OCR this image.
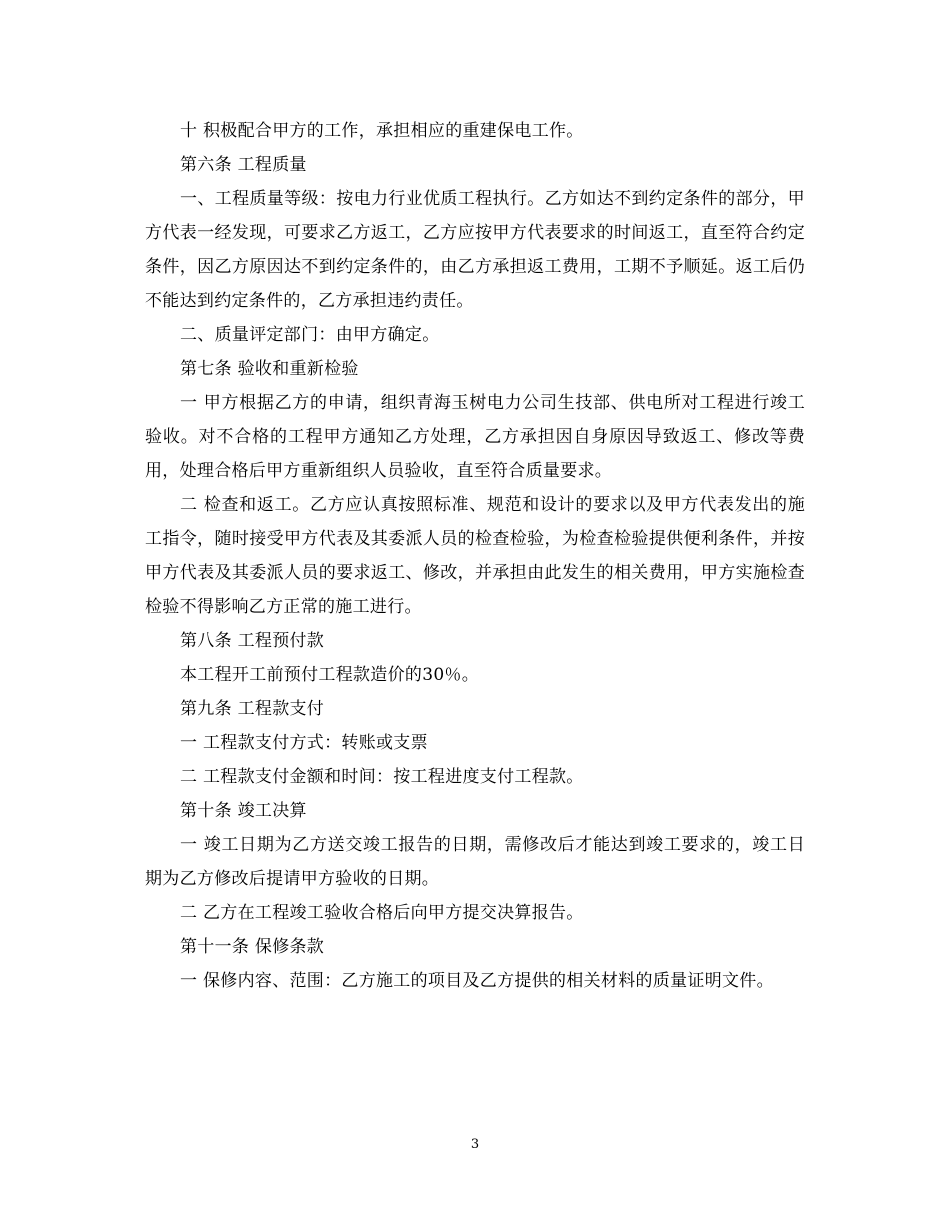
十 积极配合甲方的工作，承担相应的重建保电工作。

第六条 工程质量

一、工程质量等级：按电力行业优质工程执行。乙方如达不到约定条件的部分，甲方代表一经发现，可要求乙方返工，乙方应按甲方代表要求的时间返工，直至符合约定条件，因乙方原因达不到约定条件的，由乙方承担返工费用，工期不予顺延。返工后仍不能达到约定条件的，乙方承担违约责任。

二、质量评定部门：由甲方确定。

第七条 验收和重新检验

一 甲方根据乙方的申请，组织青海玉树电力公司生技部、供电所对工程进行竣工验收。对不合格的工程甲方通知乙方处理，乙方承担因自身原因导致返工、修改等费用，处理合格后甲方重新组织人员验收，直至符合质量要求。

二 检查和返工。乙方应认真按照标准、规范和设计的要求以及甲方代表发出的施工指令，随时接受甲方代表及其委派人员的检查检验，为检查检验提供便利条件，并按甲方代表及其委派人员的要求返工、修改，并承担由此发生的相关费用，甲方实施检查检验不得影响乙方正常的施工进行。

第八条 工程预付款

本工程开工前预付工程款造价的30％。

第九条 工程款支付

一 工程款支付方式：转账或支票

二 工程款支付金额和时间：按工程进度支付工程款。

第十条 竣工决算

一 竣工日期为乙方送交竣工报告的日期，需修改后才能达到竣工要求的，竣工日期为乙方修改后提请甲方验收的日期。

二 乙方在工程竣工验收合格后向甲方提交决算报告。

第十一条 保修条款

一 保修内容、范围：乙方施工的项目及乙方提供的相关材料的质量证明文件。

3
